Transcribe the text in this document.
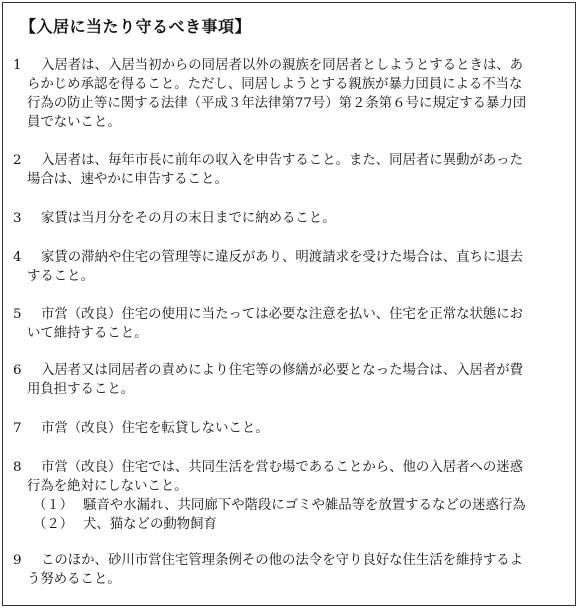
【入居に当たり守るべき事項】
1 入居者は、入居当初からの同居者以外の親族を同居者としようとするときは、あ
らかじめ承認を得ること。ただし、同居しようとする親族が暴力団員による不当な
行為の防止等に関する法律（平成３年法律第77号）第２条第６号に規定する暴力団
員でないこと。
2 入居者は、毎年市長に前年の収入を申告すること。また、同居者に異動があった
場合は、速やかに申告すること。
3 家賃は当月分をその月の末日までに納めること。
4 家賃の滞納や住宅の管理等に違反があり、明渡請求を受けた場合は、直ちに退去
すること。
5 市営（改良）住宅の使用に当たっては必要な注意を払い、住宅を正常な状態にお
いて維持すること。
6 入居者又は同居者の責めにより住宅等の修繕が必要となった場合は、入居者が費
用負担すること。
7 市営（改良）住宅を転貸しないこと。
8 市営（改良）住宅では、共同生活を営む場であることから、他の入居者への迷惑
行為を絶対にしないこと。
（１） 騒音や水漏れ、共同廊下や階段にゴミや雑品等を放置するなどの迷惑行為
（２） 犬、猫などの動物飼育
9 このほか、砂川市営住宅管理条例その他の法令を守り良好な住生活を維持するよ
う努めること。
